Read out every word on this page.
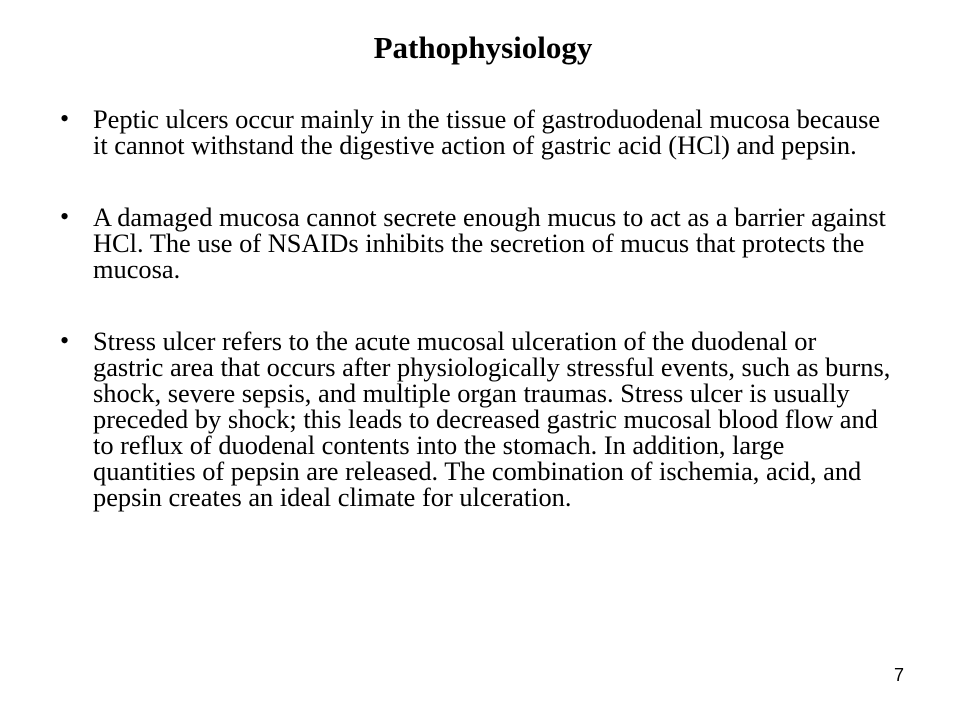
Pathophysiology
• Peptic ulcers occur mainly in the tissue of gastroduodenal mucosa because it cannot withstand the digestive action of gastric acid (HCl) and pepsin.
• A damaged mucosa cannot secrete enough mucus to act as a barrier against HCl. The use of NSAIDs inhibits the secretion of mucus that protects the mucosa.
• Stress ulcer refers to the acute mucosal ulceration of the duodenal or gastric area that occurs after physiologically stressful events, such as burns, shock, severe sepsis, and multiple organ traumas. Stress ulcer is usually preceded by shock; this leads to decreased gastric mucosal blood flow and to reflux of duodenal contents into the stomach. In addition, large quantities of pepsin are released. The combination of ischemia, acid, and pepsin creates an ideal climate for ulceration.
7
